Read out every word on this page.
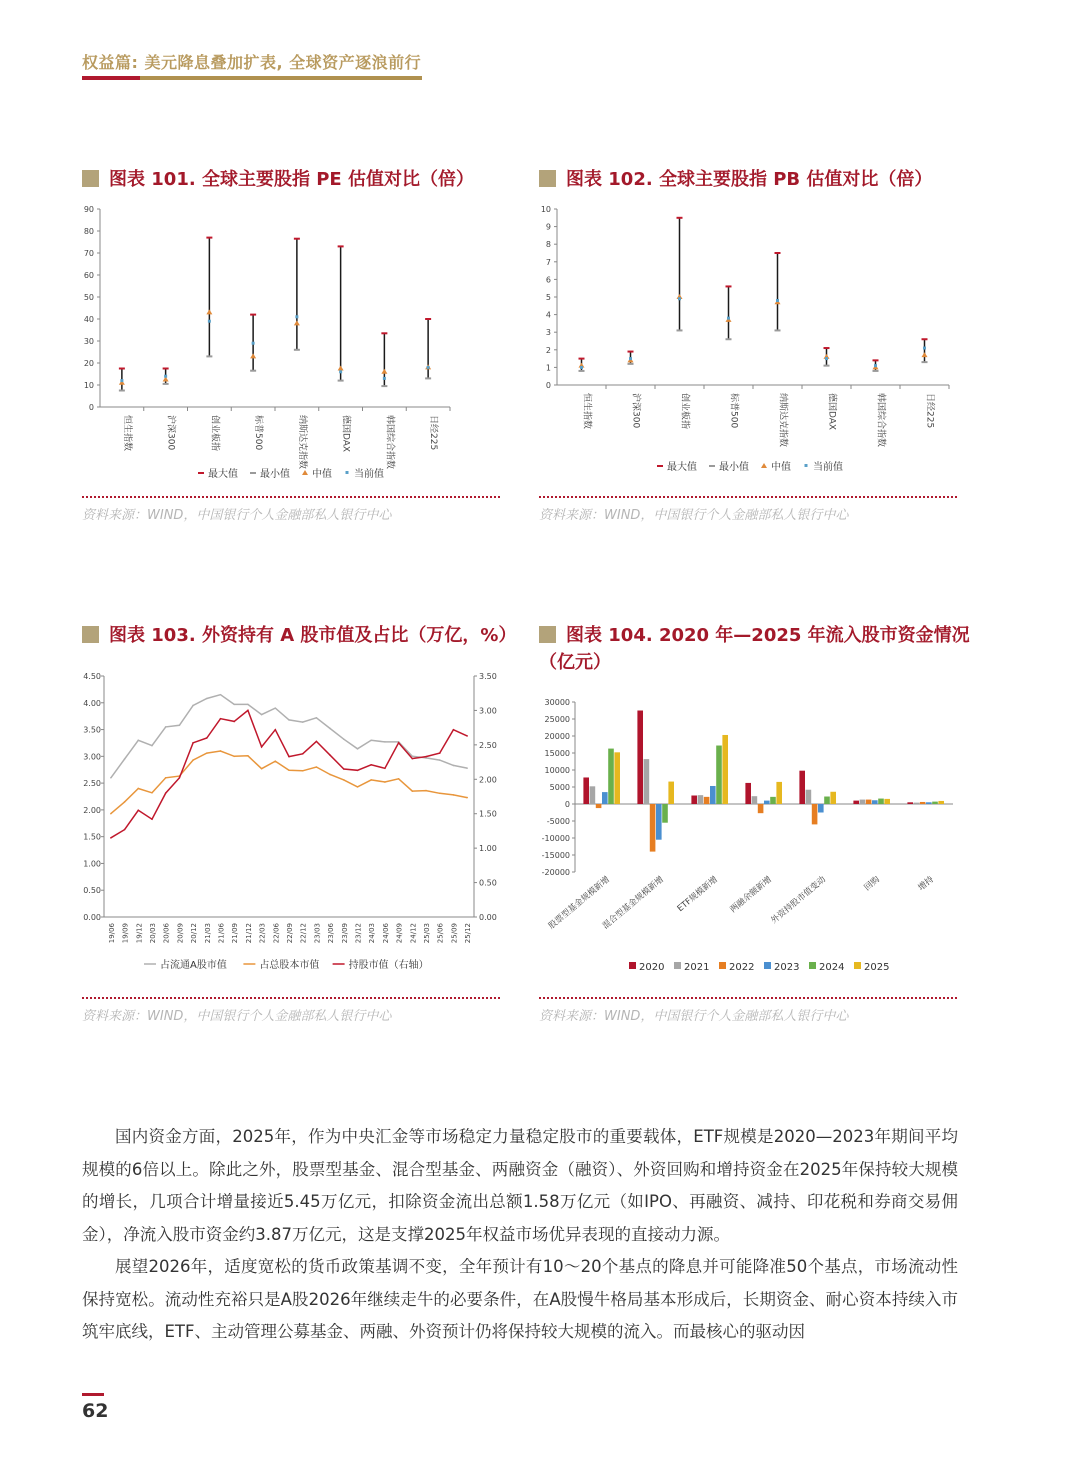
权益篇: 美元降息叠加扩表, 全球资产逐浪前行
图表 101. 全球主要股指 PE 估值对比（倍）
0
10
20
30
40
50
60
70
80
90
恒生指数	沪深300	创业板指	标普500	纳斯达克指数	德国DAX	韩国综合指数	日经225
最大值 最小值 中值 当前值
资料来源：WIND，中国银行个人金融部私人银行中心
图表 102. 全球主要股指 PB 估值对比（倍）
0
1
2
3
4
5
6
7
8
9
10
恒生指数	沪深300	创业板指	标普500	纳斯达克指数	德国DAX	韩国综合指数	日经225
最大值 最小值 中值 当前值
资料来源：WIND，中国银行个人金融部私人银行中心
图表 103. 外资持有 A 股市值及占比（万亿，%）
0.00
0.50
1.00
1.50
2.00
2.50
3.00
3.50
4.00
4.50
0.00
0.50
1.00
1.50
2.00
2.50
3.00
3.50
19/06 19/09 19/12 20/03 20/06 20/09 20/12 21/03 21/06 21/09 21/12 22/03 22/06 22/09 22/12 23/03 23/06 23/09 23/12 24/03 24/06 24/09 24/12 25/03 25/06 25/09 25/12
占流通A股市值	占总股本市值	持股市值（右轴）
资料来源：WIND，中国银行个人金融部私人银行中心
图表 104. 2020 年—2025 年流入股市资金情况
（亿元）
-20000
-15000
-10000
-5000
0
5000
10000
15000
20000
25000
30000
股票型基金规模新增
混合型基金规模新增 ETF规模新增 两融余额新增
外资持股市值变动	回购	增持
2020 2021 2022 2023 2024 2025
资料来源：WIND，中国银行个人金融部私人银行中心

国内资金方面，2025年，作为中央汇金等市场稳定力量稳定股市的重要载体，ETF规模是2020—2023年期间平均规模的6倍以上。除此之外，股票型基金、混合型基金、两融资金（融资）、外资回购和增持资金在2025年保持较大规模的增长，几项合计增量接近5.45万亿元，扣除资金流出总额1.58万亿元（如IPO、再融资、减持、印花税和券商交易佣金），净流入股市资金约3.87万亿元，这是支撑2025年权益市场优异表现的直接动力源。

展望2026年，适度宽松的货币政策基调不变，全年预计有10～20个基点的降息并可能降准50个基点，市场流动性保持宽松。流动性充裕只是A股2026年继续走牛的必要条件，在A股慢牛格局基本形成后，长期资金、耐心资本持续入市筑牢底线，ETF、主动管理公募基金、两融、外资预计仍将保持较大规模的流入。而最核心的驱动因

62
